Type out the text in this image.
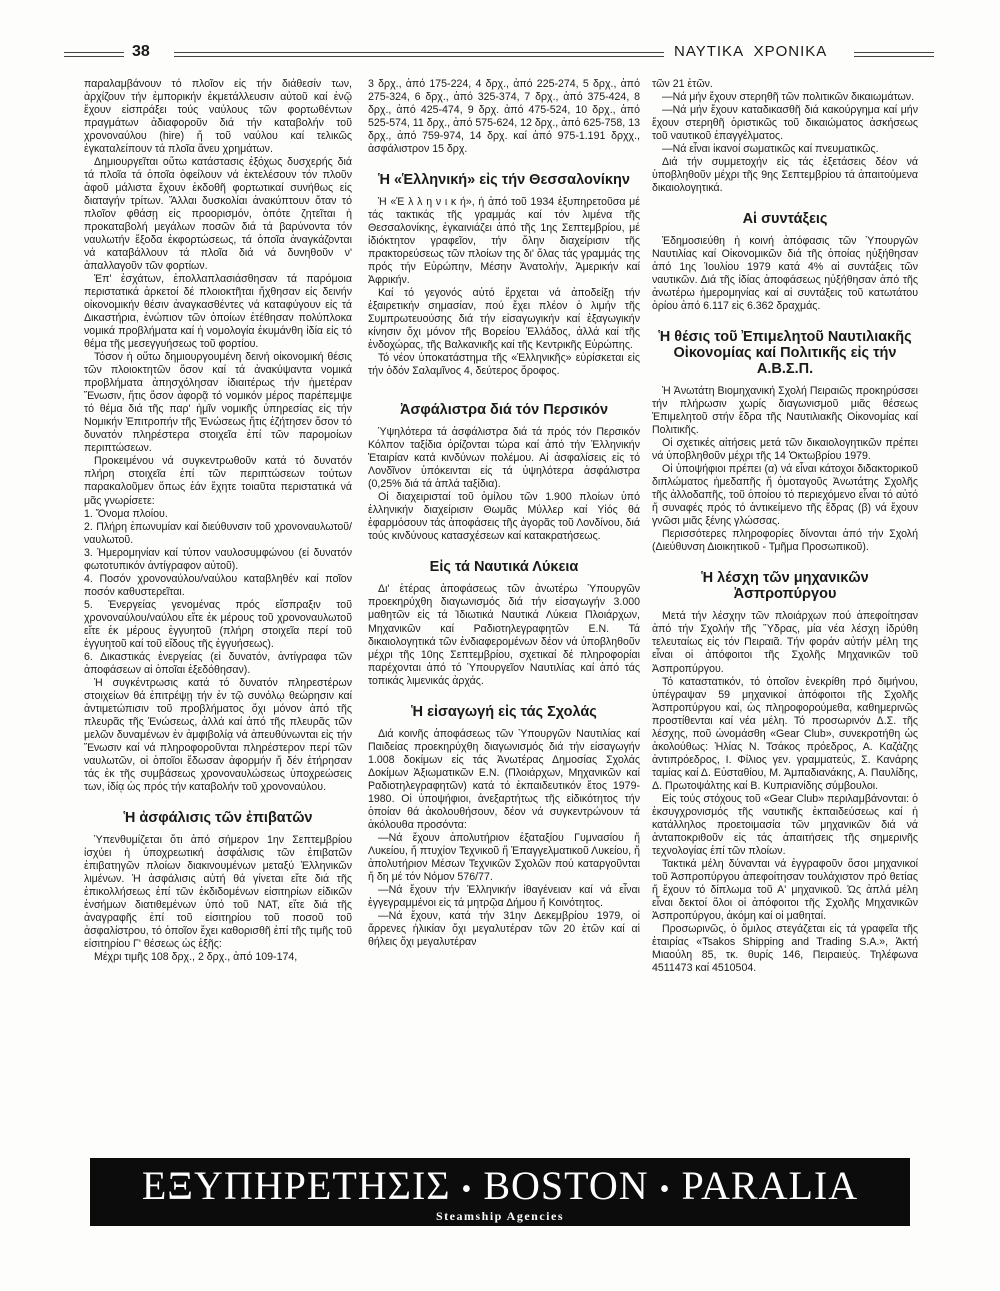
38	ΝΑΥΤΙΚΑ  ΧΡΟΝΙΚΑ

παραλαμβάνουν τό πλοῖον εἰς τήν διάθεσίν των, ἀρχίζουν τήν ἐμπορικήν ἐκμετάλλευσιν αὐτοῦ καί ἐνῷ ἔχουν εἰσπράξει τούς ναύλους τῶν φορτωθέντων πραγμάτων ἀδιαφοροῦν διά τήν καταβολήν τοῦ χρονοναύλου (hire) ἤ τοῦ ναύλου καί τελικῶς ἐγκαταλείπουν τά πλοῖα ἄνευ χρημάτων.

Δημιουργεῖται οὕτω κατάστασις ἐξόχως δυσχερής διά τά πλοῖα τά ὁποῖα ὀφείλουν νά ἐκτελέσουν τόν πλοῦν ἀφοῦ μάλιστα ἔχουν ἐκδοθῆ φορτωτικαί συνήθως εἰς διαταγήν τρίτων. Ἄλλαι δυσκολίαι ἀνακύπτουν ὅταν τό πλοῖον φθάσῃ εἰς προορισμόν, ὁπότε ζητεῖται ἡ προκαταβολή μεγάλων ποσῶν διά τά βαρύνοντα τόν ναυλωτήν ἔξοδα ἐκφορτώσεως, τά ὁποῖα ἀναγκάζονται νά καταβάλλουν τά πλοῖα διά νά δυνηθοῦν ν' ἀπαλλαγοῦν τῶν φορτίων.

Ἐπ' ἐσχάτων, ἐπολλαπλασιάσθησαν τά παρόμοια περιστατικά ἀρκετοί δέ πλοιοκτῆται ἤχθησαν εἰς δεινήν οἰκονομικήν θέσιν ἀναγκασθέντες νά καταφύγουν εἰς τά Δικαστήρια, ἐνώπιον τῶν ὁποίων ἐτέθησαν πολύπλοκα νομικά προβλήματα καί ἡ νομολογία ἐκυμάνθη ἰδία εἰς τό θέμα τῆς μεσεγγυήσεως τοῦ φορτίου.

Τόσον ἡ οὕτω δημιουργουμένη δεινή οἰκονομική θέσις τῶν πλοιοκτητῶν ὅσον καί τά ἀνακύψαντα νομικά προβλήματα ἀπησχόλησαν ἰδιαιτέρως τήν ἡμετέραν Ἕνωσιν, ἥτις ὅσον ἀφορᾷ τό νομικόν μέρος παρέπεμψε τό θέμα διά τῆς παρ' ἡμῖν νομικῆς ὑπηρεσίας εἰς τήν Νομικήν Ἐπιτροπήν τῆς Ἑνώσεως ἥτις ἐζήτησεν ὅσον τό δυνατόν πληρέστερα στοιχεῖα ἐπί τῶν παρομοίων περιπτώσεων.

Προκειμένου νά συγκεντρωθοῦν κατά τό δυνατόν πλήρη στοιχεῖα ἐπί τῶν περιπτώσεων τούτων παρακαλοῦμεν ὅπως ἐάν ἔχητε τοιαῦτα περιστατικά νά μᾶς γνωρίσετε:

1. Ὄνομα πλοίου.
2. Πλήρη ἐπωνυμίαν καί διεύθυνσιν τοῦ χρονοναυλωτοῦ/ναυλωτοῦ.
3. Ἡμερομηνίαν καί τύπον ναυλοσυμφώνου (εἰ δυνατόν φωτοτυπικόν ἀντίγραφον αὐτοῦ).
4. Ποσόν χρονοναύλου/ναύλου καταβληθέν καί ποῖον ποσόν καθυστερεῖται.
5. Ἐνεργείας γενομένας πρός εἴσπραξιν τοῦ χρονοναύλου/ναύλου εἴτε ἐκ μέρους τοῦ χρονοναυλωτοῦ εἴτε ἐκ μέρους ἐγγυητοῦ (πλήρη στοιχεῖα περί τοῦ ἐγγυητοῦ καί τοῦ εἴδους τῆς ἐγγυήσεως).
6. Δικαστικάς ἐνεργείας (εἰ δυνατόν, ἀντίγραφα τῶν ἀποφάσεων αἱ ὁποῖαι ἐξεδόθησαν).

Ἡ συγκέντρωσις κατά τό δυνατόν πληρεστέρων στοιχείων θά ἐπιτρέψῃ τήν ἐν τῷ συνόλῳ θεώρησιν καί ἀντιμετώπισιν τοῦ προβλήματος ὄχι μόνον ἀπό τῆς πλευρᾶς τῆς Ἑνώσεως, ἀλλά καί ἀπό τῆς πλευρᾶς τῶν μελῶν δυναμένων ἐν ἀμφιβολίᾳ νά ἀπευθύνωνται εἰς τήν Ἕνωσιν καί νά πληροφοροῦνται πληρέστερον περί τῶν ναυλωτῶν, οἱ ὁποῖοι ἔδωσαν ἀφορμήν ἤ δέν ἐτήρησαν τάς ἐκ τῆς συμβάσεως χρονοναυλώσεως ὑποχρεώσεις των, ἰδίᾳ ὡς πρός τήν καταβολήν τοῦ χρονοναύλου.

Ἡ ἀσφάλισις τῶν ἐπιβατῶν

Ὑπενθυμίζεται ὅτι ἀπό σήμερον 1ην Σεπτεμβρίου ἰσχύει ἡ ὑποχρεωτική ἀσφάλισις τῶν ἐπιβατῶν ἐπιβατηγῶν πλοίων διακινουμένων μεταξύ Ἑλληνικῶν λιμένων. Ἡ ἀσφάλισις αὐτή θά γίνεται εἴτε διά τῆς ἐπικολλήσεως ἐπί τῶν ἐκδιδομένων εἰσιτηρίων εἰδικῶν ἐνσήμων διατιθεμένων ὑπό τοῦ ΝΑΤ, εἴτε διά τῆς ἀναγραφῆς ἐπί τοῦ εἰσιτηρίου τοῦ ποσοῦ τοῦ ἀσφαλίστρου, τό ὁποῖον ἔχει καθορισθῆ ἐπί τῆς τιμῆς τοῦ εἰσιτηρίου Γ' θέσεως ὡς ἑξῆς:

Μέχρι τιμῆς 108 δρχ., 2 δρχ., ἀπό 109-174,

3 δρχ., ἀπό 175-224, 4 δρχ., ἀπό 225-274, 5 δρχ., ἀπό 275-324, 6 δρχ., ἀπό 325-374, 7 δρχ., ἀπό 375-424, 8 δρχ., ἀπό 425-474, 9 δρχ. ἀπό 475-524, 10 δρχ., ἀπό 525-574, 11 δρχ., ἀπό 575-624, 12 δρχ., ἀπό 625-758, 13 δρχ., ἀπό 759-974, 14 δρχ. καί ἀπό 975-1.191 δρχχ., ἀσφάλιστρον 15 δρχ.

Ἡ «Ἑλληνική» εἰς τήν Θεσσαλονίκην

Ἡ «Ἑ λ λ η ν ι κ ή», ἡ ἀπό τοῦ 1934 ἐξυπηρετοῦσα μέ τάς τακτικάς τῆς γραμμάς καί τόν λιμένα τῆς Θεσσαλονίκης, ἐγκαινιάζει ἀπό τῆς 1ης Σεπτεμβρίου, μέ ἰδιόκτητον γραφεῖον, τήν ὅλην διαχείρισιν τῆς πρακτορεύσεως τῶν πλοίων της δι' ὅλας τάς γραμμάς της πρός τήν Εὐρώπην, Μέσην Ἀνατολήν, Ἀμερικήν καί Ἀφρικήν.

Καί τό γεγονός αὐτό ἔρχεται νά ἀποδείξῃ τήν ἐξαιρετικήν σημασίαν, πού ἔχει πλέον ὁ λιμήν τῆς Συμπρωτευούσης διά τήν εἰσαγωγικήν καί ἐξαγωγικήν κίνησιν ὄχι μόνον τῆς Βορείου Ἑλλάδος, ἀλλά καί τῆς ἐνδοχώρας, τῆς Βαλκανικῆς καί τῆς Κεντρικῆς Εὐρώπης.

Τό νέον ὑποκατάστημα τῆς «Ἑλληνικῆς» εὑρίσκεται εἰς τήν ὁδόν Σαλαμῖνος 4, δεύτερος ὄροφος.

Ἀσφάλιστρα διά τόν Περσικόν

Ὑψηλότερα τά ἀσφάλιστρα διά τά πρός τόν Περσικόν Κόλπον ταξίδια ὁρίζονται τώρα καί ἀπό τήν Ἑλληνικήν Ἑταιρίαν κατά κινδύνων πολέμου. Αἱ ἀσφαλίσεις εἰς τό Λονδῖνον ὑπόκεινται εἰς τά ὑψηλότερα ἀσφάλιστρα (0,25% διά τά ἁπλά ταξίδια).

Οἱ διαχειρισταί τοῦ ὁμίλου τῶν 1.900 πλοίων ὑπό ἑλληνικήν διαχείρισιν Θωμᾶς Μύλλερ καί Υἱός θά ἐφαρμόσουν τάς ἀποφάσεις τῆς ἀγορᾶς τοῦ Λονδίνου, διά τούς κινδύνους κατασχέσεων καί κατακρατήσεως.

Εἰς τά Ναυτικά Λύκεια

Δι' ἑτέρας ἀποφάσεως τῶν ἀνωτέρω Ὑπουργῶν προεκηρύχθη διαγωνισμός διά τήν εἰσαγωγήν 3.000 μαθητῶν εἰς τά Ἰδιωτικά Ναυτικά Λύκεια Πλοιάρχων, Μηχανικῶν καί Ραδιοτηλεγραφητῶν Ε.Ν. Τά δικαιολογητικά τῶν ἐνδιαφερομένων δέον νά ὑποβληθοῦν μέχρι τῆς 10ης Σεπτεμβρίου, σχετικαί δέ πληροφορίαι παρέχονται ἀπό τό Ὑπουργεῖον Ναυτιλίας καί ἀπό τάς τοπικάς λιμενικάς ἀρχάς.

Ἡ εἰσαγωγή εἰς τάς Σχολάς

Διά κοινῆς ἀποφάσεως τῶν Ὑπουργῶν Ναυτιλίας καί Παιδείας προεκηρύχθη διαγωνισμός διά τήν εἰσαγωγήν 1.008 δοκίμων εἰς τάς Ἀνωτέρας Δημοσίας Σχολάς Δοκίμων Ἀξιωματικῶν Ε.Ν. (Πλοιάρχων, Μηχανικῶν καί Ραδιοτηλεγραφητῶν) κατά τό ἐκπαιδευτικόν ἔτος 1979-1980. Οἱ ὑποψήφιοι, ἀνεξαρτήτως τῆς εἰδικότητος τήν ὁποίαν θά ἀκολουθήσουν, δέον νά συγκεντρώνουν τά ἀκόλουθα προσόντα:

—Νά ἔχουν ἀπολυτήριον ἑξαταξίου Γυμνασίου ἤ Λυκείου, ἤ πτυχίον Τεχνικοῦ ἤ Ἐπαγγελματικοῦ Λυκείου, ἤ ἀπολυτήριον Μέσων Τεχνικῶν Σχολῶν πού καταργοῦνται ἤ δη μέ τόν Νόμον 576/77.

—Νά ἔχουν τήν Ἑλληνικήν ἰθαγένειαν καί νά εἶναι ἐγγεγραμμένοι εἰς τά μητρῷα Δήμου ἤ Κοινότητος.

—Νά ἔχουν, κατά τήν 31ην Δεκεμβρίου 1979, οἱ ἄρρενες ἡλικίαν ὄχι μεγαλυτέραν τῶν 20 ἐτῶν καί αἱ θήλεις ὄχι μεγαλυτέραν

τῶν 21 ἐτῶν.

—Νά μήν ἔχουν στερηθῆ τῶν πολιτικῶν δικαιωμάτων.

—Νά μήν ἔχουν καταδικασθῆ διά κακούργημα καί μήν ἔχουν στερηθῆ ὁριστικῶς τοῦ δικαιώματος ἀσκήσεως τοῦ ναυτικοῦ ἐπαγγέλματος.

—Νά εἶναι ἱκανοί σωματικῶς καί πνευματικῶς.

Διά τήν συμμετοχήν εἰς τάς ἐξετάσεις δέον νά ὑποβληθοῦν μέχρι τῆς 9ης Σεπτεμβρίου τά ἀπαιτούμενα δικαιολογητικά.

Αἱ συντάξεις

Ἐδημοσιεύθη ἡ κοινή ἀπόφασις τῶν Ὑπουργῶν Ναυτιλίας καί Οἰκονομικῶν διά τῆς ὁποίας ηὐξήθησαν ἀπό 1ης Ἰουλίου 1979 κατά 4% αἱ συντάξεις τῶν ναυτικῶν. Διά τῆς ἰδίας ἀποφάσεως ηὐξήθησαν ἀπό τῆς ἀνωτέρω ἡμερομηνίας καί αἱ συντάξεις τοῦ κατωτάτου ὁρίου ἀπό 6.117 εἰς 6.362 δραχμάς.

Ἡ θέσις τοῦ Ἐπιμελητοῦ Ναυτιλιακῆς Οἰκονομίας καί Πολιτικῆς εἰς τήν Α.Β.Σ.Π.

Ἡ Ἀνωτάτη Βιομηχανική Σχολή Πειραιῶς προκηρύσσει τήν πλήρωσιν χωρίς διαγωνισμοῦ μιᾶς θέσεως Ἐπιμελητοῦ στήν ἕδρα τῆς Ναυτιλιακῆς Οἰκονομίας καί Πολιτικῆς.

Οἱ σχετικές αἰτήσεις μετά τῶν δικαιολογητικῶν πρέπει νά ὑποβληθοῦν μέχρι τῆς 14 Ὀκτωβρίου 1979.

Οἱ ὑποψήφιοι πρέπει (α) νά εἶναι κάτοχοι διδακτορικοῦ διπλώματος ἡμεδαπῆς ἤ ὁμοταγοῦς Ἀνωτάτης Σχολῆς τῆς ἀλλοδαπῆς, τοῦ ὁποίου τό περιεχόμενο εἶναι τό αὐτό ἤ συναφές πρός τό ἀντικείμενο τῆς ἕδρας (β) νά ἔχουν γνῶσι μιᾶς ξένης γλώσσας.

Περισσότερες πληροφορίες δίνονται ἀπό τήν Σχολή (Διεύθυνση Διοικητικοῦ - Τμῆμα Προσωπικοῦ).

Ἡ λέσχη τῶν μηχανικῶν Ἀσπροπύργου

Μετά τήν λέσχην τῶν πλοιάρχων πού ἀπεφοίτησαν ἀπό τήν Σχολήν τῆς Ὕδρας, μία νέα λέσχη ἱδρύθη τελευταίως εἰς τόν Πειραιᾶ. Τήν φοράν αὐτήν μέλη της εἶναι οἱ ἀπόφοιτοι τῆς Σχολῆς Μηχανικῶν τοῦ Ἀσπροπύργου.

Τό καταστατικόν, τό ὁποῖον ἐνεκρίθη πρό διμήνου, ὑπέγραψαν 59 μηχανικοί ἀπόφοιτοι τῆς Σχολῆς Ἀσπροπύργου καί, ὡς πληροφορούμεθα, καθημερινῶς προστίθενται καί νέα μέλη. Τό προσωρινόν Δ.Σ. τῆς λέσχης, ποῦ ὠνομάσθη «Gear Club», συνεκροτήθη ὡς ἀκολούθως: Ἠλίας Ν. Τσάκος πρόεδρος, Α. Καζάζης ἀντιπρόεδρος, Ι. Φίλιος γεν. γραμματεύς, Σ. Κανάρης ταμίας καί Δ. Εὐσταθίου, Μ. Ἀμπαδιανάκης, Α. Παυλίδης, Δ. Πρωτοψάλτης καί Β. Κυπριανίδης σύμβουλοι.

Εἰς τούς στόχους τοῦ «Gear Club» περιλαμβάνονται: ὁ ἐκσυγχρονισμός τῆς ναυτικῆς ἐκπαιδεύσεως καί ἡ κατάλληλος προετοιμασία τῶν μηχανικῶν διά νά ἀνταποκριθοῦν εἰς τάς ἀπαιτήσεις τῆς σημερινῆς τεχνολογίας ἐπί τῶν πλοίων.

Τακτικά μέλη δύνανται νά ἐγγραφοῦν ὅσοι μηχανικοί τοῦ Ἀσπροπύργου ἀπεφοίτησαν τουλάχιστον πρό θετίας ἤ ἔχουν τό δίπλωμα τοῦ Α' μηχανικοῦ. Ὡς ἀπλά μέλη εἶναι δεκτοί ὅλοι οἱ ἀπόφοιτοι τῆς Σχολῆς Μηχανικῶν Ἀσπροπύργου, ἀκόμη καί οἱ μαθηταί.

Προσωρινῶς, ὁ ὅμιλος στεγάζεται εἰς τά γραφεῖα τῆς ἑταιρίας «Tsakos Shipping and Trading S.A.», Ἀκτή Μιαούλη 85, τκ. θυρίς 146, Πειραιεύς. Τηλέφωνα 4511473 καί 4510504.

ΕΞΥΠΗΡΕΤΗΣΙΣ • BOSTON • PARALIA
Steamship Agencies
